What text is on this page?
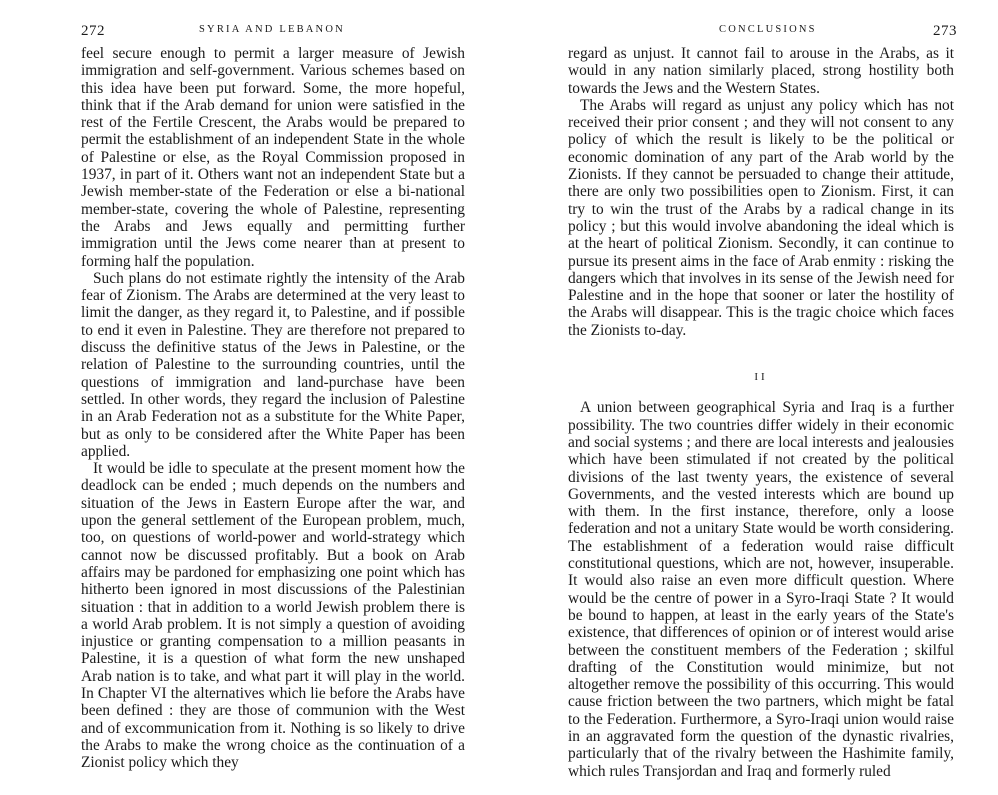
272	SYRIA AND LEBANON

feel secure enough to permit a larger measure of Jewish immigration and self-government. Various schemes based on this idea have been put forward. Some, the more hopeful, think that if the Arab demand for union were satisfied in the rest of the Fertile Crescent, the Arabs would be prepared to permit the establishment of an independent State in the whole of Palestine or else, as the Royal Commission proposed in 1937, in part of it. Others want not an independent State but a Jewish member-state of the Federation or else a bi-national member-state, covering the whole of Palestine, representing the Arabs and Jews equally and permitting further immigration until the Jews come nearer than at present to forming half the population.

Such plans do not estimate rightly the intensity of the Arab fear of Zionism. The Arabs are determined at the very least to limit the danger, as they regard it, to Palestine, and if possible to end it even in Palestine. They are therefore not prepared to discuss the definitive status of the Jews in Palestine, or the relation of Palestine to the surrounding countries, until the questions of immigration and land-purchase have been settled. In other words, they regard the inclusion of Palestine in an Arab Federation not as a substitute for the White Paper, but as only to be considered after the White Paper has been applied.

It would be idle to speculate at the present moment how the deadlock can be ended ; much depends on the numbers and situation of the Jews in Eastern Europe after the war, and upon the general settlement of the European problem, much, too, on questions of world-power and world-strategy which cannot now be discussed profitably. But a book on Arab affairs may be pardoned for emphasizing one point which has hitherto been ignored in most discussions of the Palestinian situation : that in addition to a world Jewish problem there is a world Arab problem. It is not simply a question of avoiding injustice or granting compensation to a million peasants in Palestine, it is a question of what form the new unshaped Arab nation is to take, and what part it will play in the world. In Chapter VI the alternatives which lie before the Arabs have been defined : they are those of communion with the West and of excommunication from it. Nothing is so likely to drive the Arabs to make the wrong choice as the continuation of a Zionist policy which they

CONCLUSIONS	273

regard as unjust. It cannot fail to arouse in the Arabs, as it would in any nation similarly placed, strong hostility both towards the Jews and the Western States.

The Arabs will regard as unjust any policy which has not received their prior consent ; and they will not consent to any policy of which the result is likely to be the political or economic domination of any part of the Arab world by the Zionists. If they cannot be persuaded to change their attitude, there are only two possibilities open to Zionism. First, it can try to win the trust of the Arabs by a radical change in its policy ; but this would involve abandoning the ideal which is at the heart of political Zionism. Secondly, it can continue to pursue its present aims in the face of Arab enmity : risking the dangers which that involves in its sense of the Jewish need for Palestine and in the hope that sooner or later the hostility of the Arabs will disappear. This is the tragic choice which faces the Zionists to-day.

II

A union between geographical Syria and Iraq is a further possibility. The two countries differ widely in their economic and social systems ; and there are local interests and jealousies which have been stimulated if not created by the political divisions of the last twenty years, the existence of several Governments, and the vested interests which are bound up with them. In the first instance, therefore, only a loose federation and not a unitary State would be worth considering. The establishment of a federation would raise difficult constitutional questions, which are not, however, insuperable. It would also raise an even more difficult question. Where would be the centre of power in a Syro-Iraqi State ? It would be bound to happen, at least in the early years of the State's existence, that differences of opinion or of interest would arise between the constituent members of the Federation ; skilful drafting of the Constitution would minimize, but not altogether remove the possibility of this occurring. This would cause friction between the two partners, which might be fatal to the Federation. Furthermore, a Syro-Iraqi union would raise in an aggravated form the question of the dynastic rivalries, particularly that of the rivalry between the Hashimite family, which rules Transjordan and Iraq and formerly ruled
